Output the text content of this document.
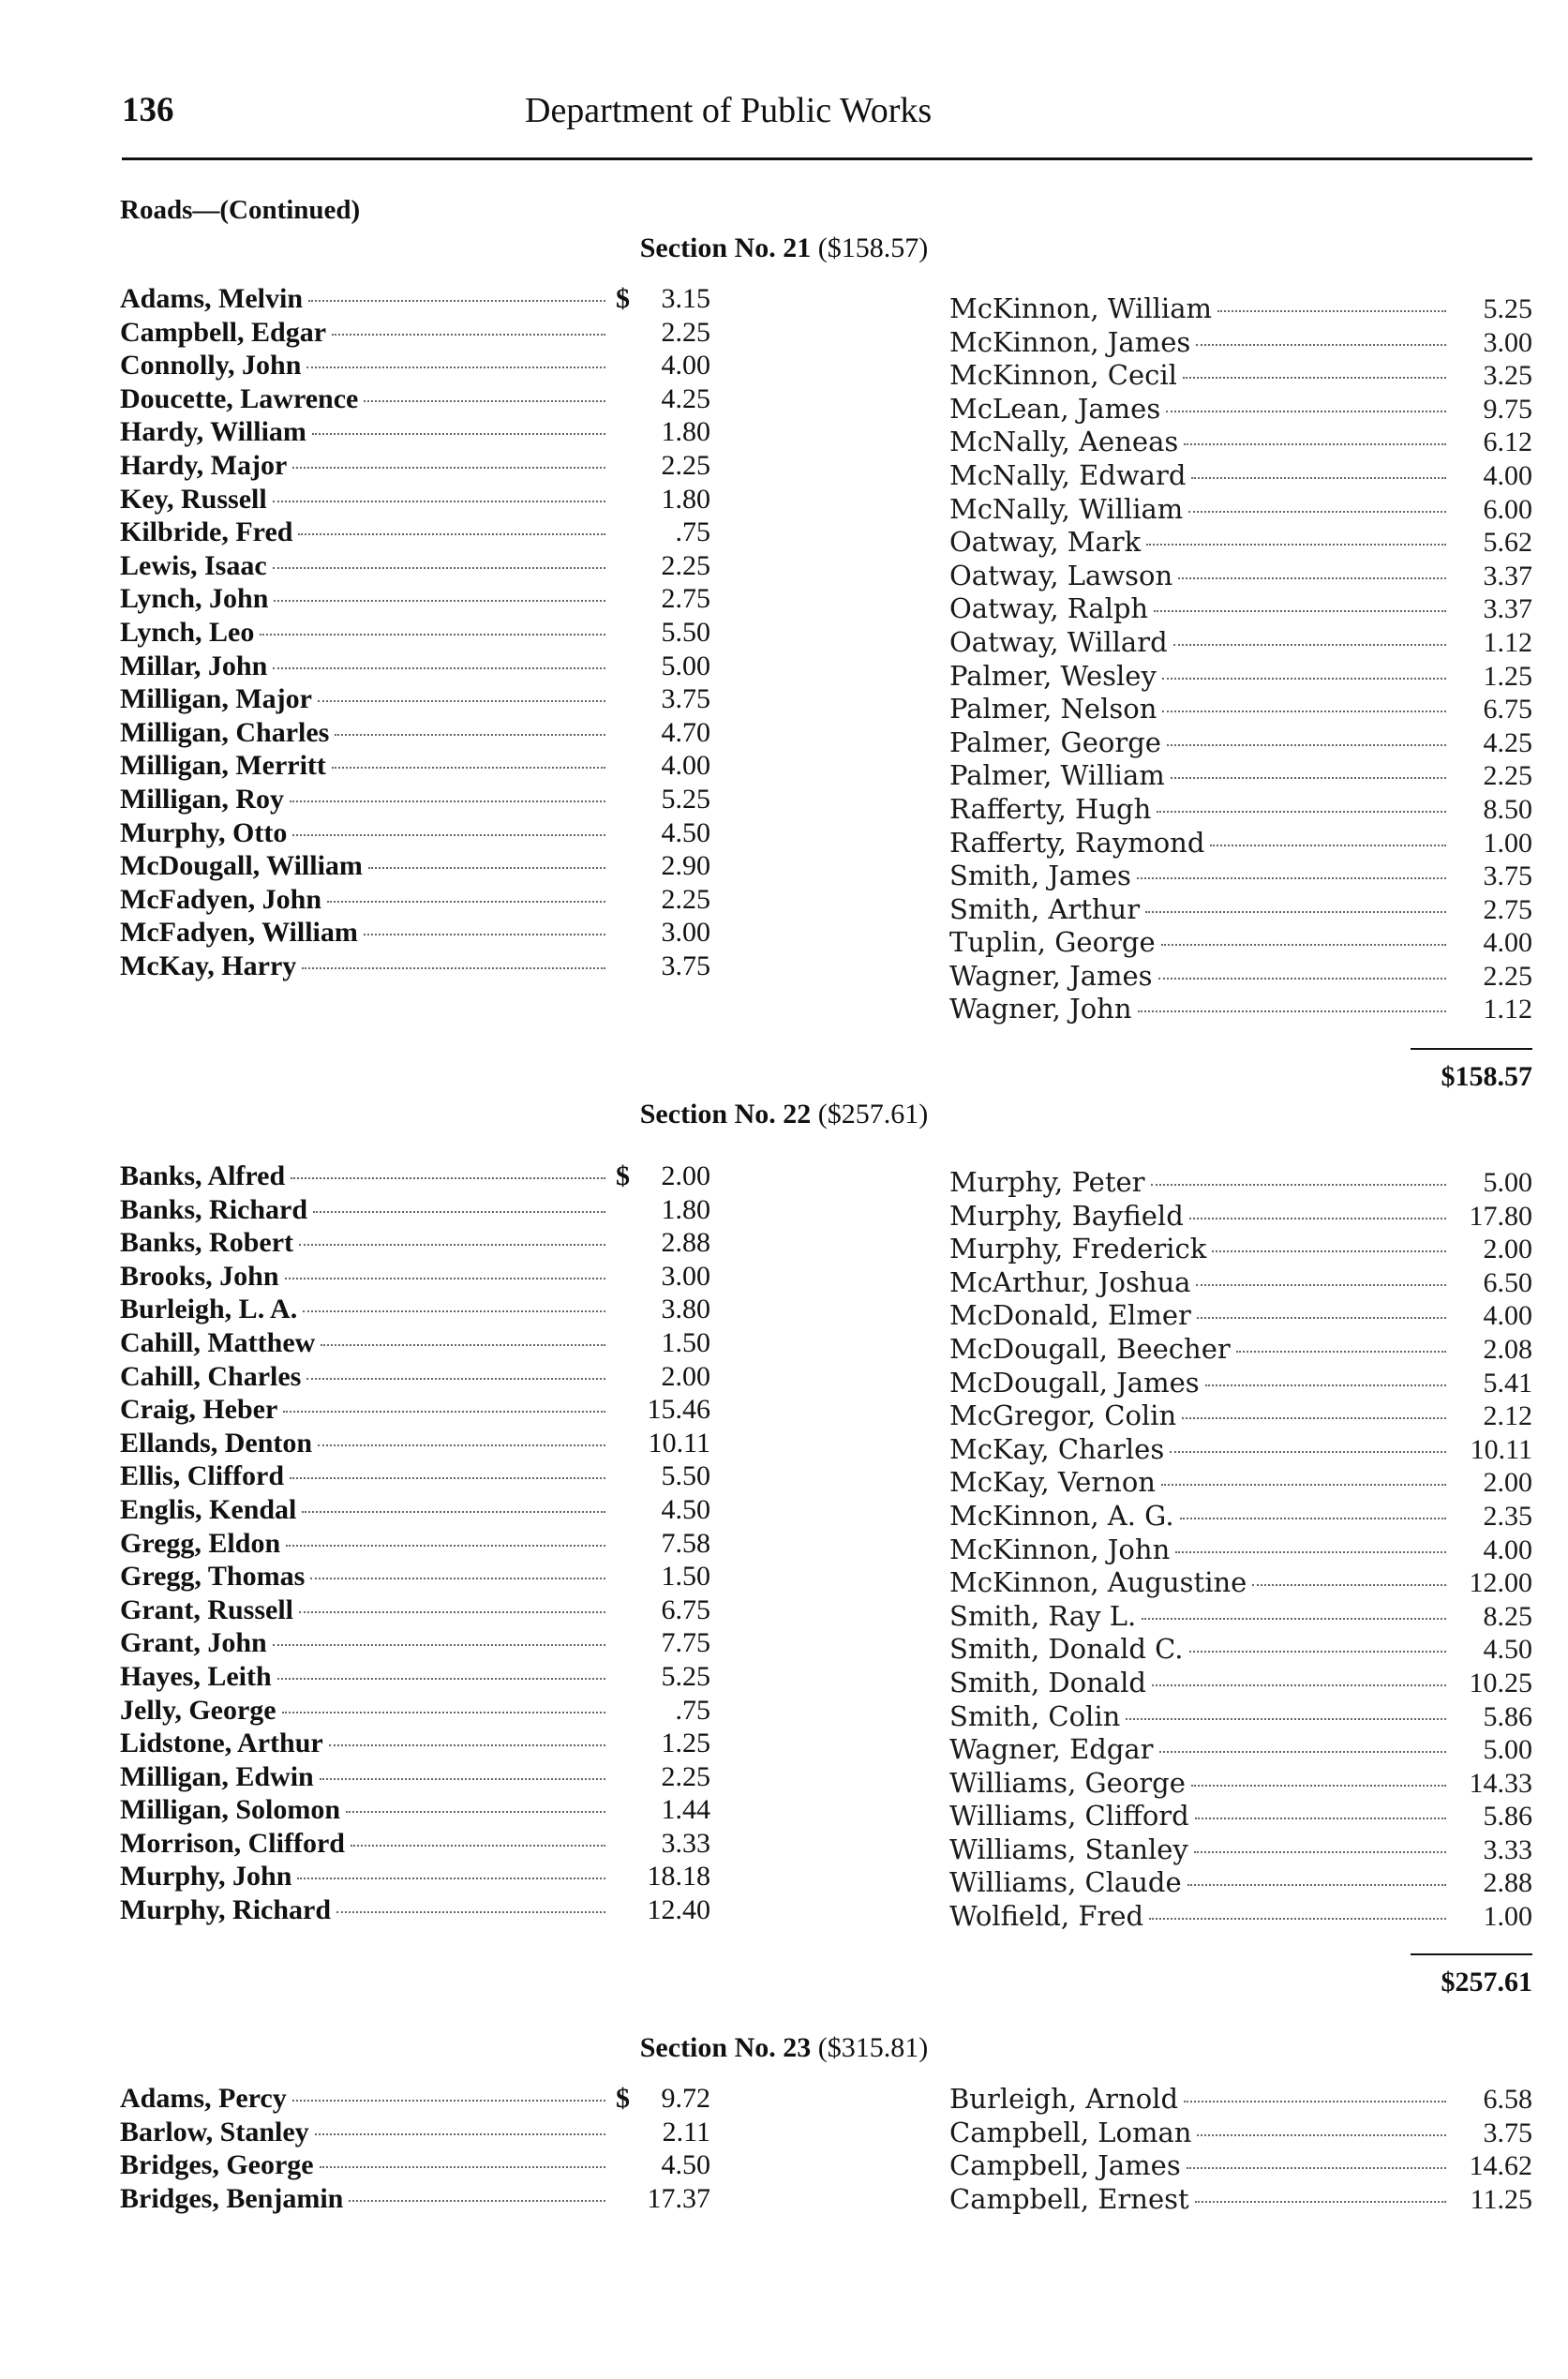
136	Department of Public Works
Roads—(Continued)
Section No. 21 ($158.57)
Adams, Melvin	$	3.15
Campbell, Edgar	2.25
Connolly, John	4.00
Doucette, Lawrence	4.25
Hardy, William	1.80
Hardy, Major	2.25
Key, Russell	1.80
Kilbride, Fred	.75
Lewis, Isaac	2.25
Lynch, John	2.75
Lynch, Leo	5.50
Millar, John	5.00
Milligan, Major	3.75
Milligan, Charles	4.70
Milligan, Merritt	4.00
Milligan, Roy	5.25
Murphy, Otto	4.50
McDougall, William	2.90
McFadyen, John	2.25
McFadyen, William	3.00
McKay, Harry	3.75
McKinnon, William	5.25
McKinnon, James	3.00
McKinnon, Cecil	3.25
McLean, James	9.75
McNally, Aeneas	6.12
McNally, Edward	4.00
McNally, William	6.00
Oatway, Mark	5.62
Oatway, Lawson	3.37
Oatway, Ralph	3.37
Oatway, Willard	1.12
Palmer, Wesley	1.25
Palmer, Nelson	6.75
Palmer, George	4.25
Palmer, William	2.25
Rafferty, Hugh	8.50
Rafferty, Raymond	1.00
Smith, James	3.75
Smith, Arthur	2.75
Tuplin, George	4.00
Wagner, James	2.25
Wagner, John	1.12
$158.57
Section No. 22 ($257.61)
Banks, Alfred	$	2.00
Banks, Richard	1.80
Banks, Robert	2.88
Brooks, John	3.00
Burleigh, L. A.	3.80
Cahill, Matthew	1.50
Cahill, Charles	2.00
Craig, Heber	15.46
Ellands, Denton	10.11
Ellis, Clifford	5.50
Englis, Kendal	4.50
Gregg, Eldon	7.58
Gregg, Thomas	1.50
Grant, Russell	6.75
Grant, John	7.75
Hayes, Leith	5.25
Jelly, George	.75
Lidstone, Arthur	1.25
Milligan, Edwin	2.25
Milligan, Solomon	1.44
Morrison, Clifford	3.33
Murphy, John	18.18
Murphy, Richard	12.40
Murphy, Peter	5.00
Murphy, Bayfield	17.80
Murphy, Frederick	2.00
McArthur, Joshua	6.50
McDonald, Elmer	4.00
McDougall, Beecher	2.08
McDougall, James	5.41
McGregor, Colin	2.12
McKay, Charles	10.11
McKay, Vernon	2.00
McKinnon, A. G.	2.35
McKinnon, John	4.00
McKinnon, Augustine	12.00
Smith, Ray L.	8.25
Smith, Donald C.	4.50
Smith, Donald	10.25
Smith, Colin	5.86
Wagner, Edgar	5.00
Williams, George	14.33
Williams, Clifford	5.86
Williams, Stanley	3.33
Williams, Claude	2.88
Wolfield, Fred	1.00
$257.61
Section No. 23 ($315.81)
Adams, Percy	$	9.72
Barlow, Stanley	2.11
Bridges, George	4.50
Bridges, Benjamin	17.37
Burleigh, Arnold	6.58
Campbell, Loman	3.75
Campbell, James	14.62
Campbell, Ernest	11.25
